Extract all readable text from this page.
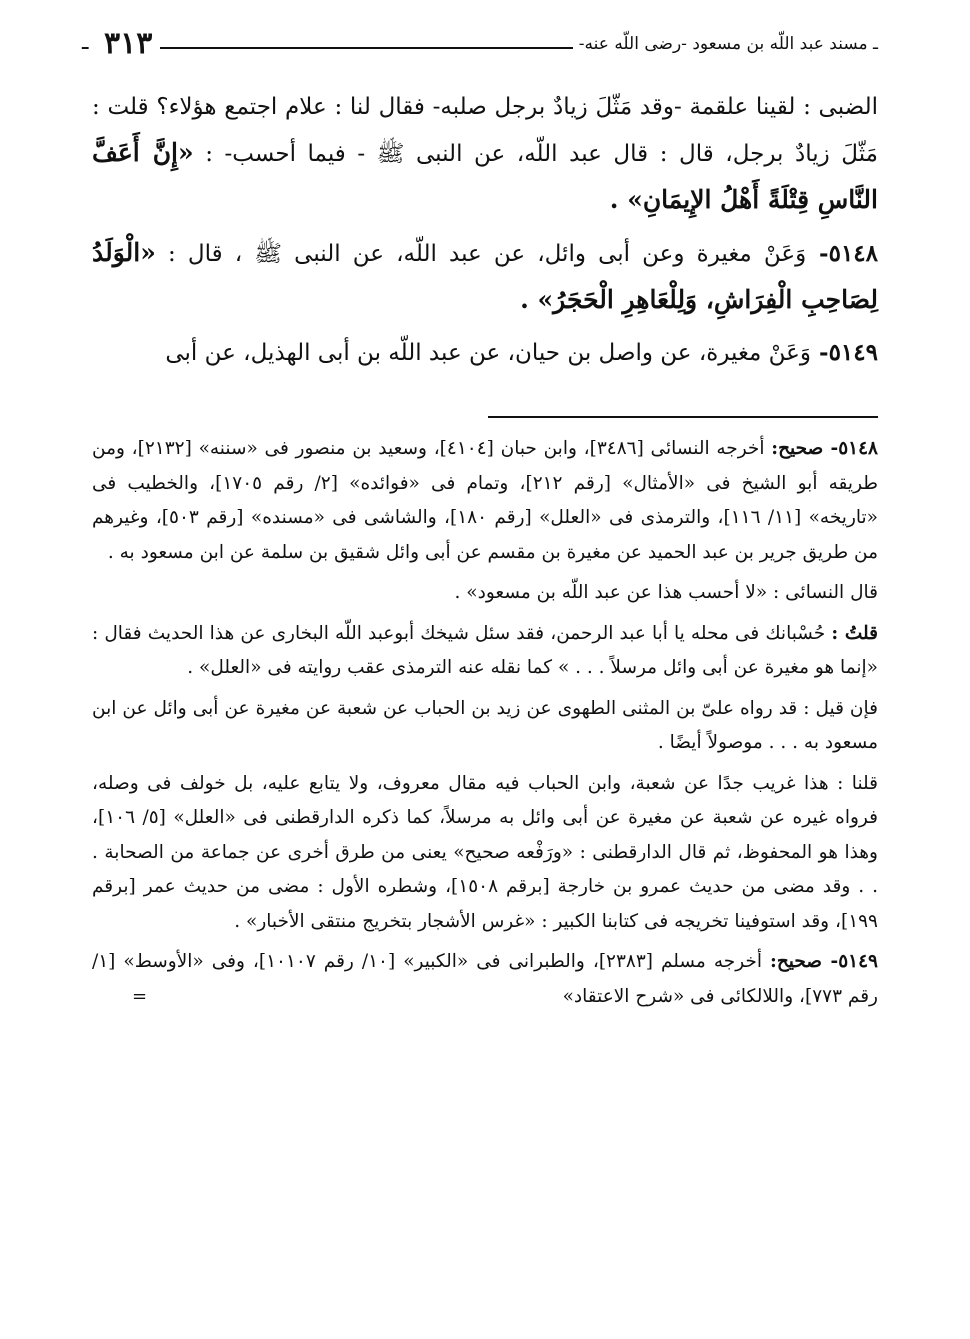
ـ مسند عبد اللّه بن مسعود -رضى اللّه عنه-
٣١٣
ـ

الضبى : لقينا علقمة -وقد مَثّلَ زيادٌ برجل صلبه- فقال لنا : علام اجتمع هؤلاء؟ قلت : مَثّلَ زيادٌ برجل، قال : قال عبد اللّه، عن النبى ﷺ - فيما أحسب- : «إِنَّ أَعَفَّ النَّاسِ قِتْلَةً أَهْلُ الإِيمَانِ» .

٥١٤٨- وَعَنْ مغيرة وعن أبى وائل، عن عبد اللّه، عن النبى ﷺ ، قال : «الْوَلَدُ لِصَاحِبِ الْفِرَاشِ، وَلِلْعَاهِرِ الْحَجَرُ» .

٥١٤٩- وَعَنْ مغيرة، عن واصل بن حيان، عن عبد اللّه بن أبى الهذيل، عن أبى

٥١٤٨- صحيح: أخرجه النسائى [٣٤٨٦]، وابن حبان [٤١٠٤]، وسعيد بن منصور فى «سننه» [٢١٣٢]، ومن طريقه أبو الشيخ فى «الأمثال» [رقم ٢١٢]، وتمام فى «فوائده» [٢/ رقم ١٧٠٥]، والخطيب فى «تاريخه» [١١/ ١١٦]، والترمذى فى «العلل» [رقم ١٨٠]، والشاشى فى «مسنده» [رقم ٥٠٣]، وغيرهم من طريق جرير بن عبد الحميد عن مغيرة بن مقسم عن أبى وائل شقيق بن سلمة عن ابن مسعود به .

قال النسائى : «لا أحسب هذا عن عبد اللّه بن مسعود» .

قلتُ : حُسْبانك فى محله يا أبا عبد الرحمن، فقد سئل شيخك أبوعبد اللّه البخارى عن هذا الحديث فقال : «إنما هو مغيرة عن أبى وائل مرسلاً . . . » كما نقله عنه الترمذى عقب روايته فى «العلل» .

فإن قيل : قد رواه علىّ بن المثنى الطهوى عن زيد بن الحباب عن شعبة عن مغيرة عن أبى وائل عن ابن مسعود به . . . موصولاً أيضًا .

قلنا : هذا غريب جدًا عن شعبة، وابن الحباب فيه مقال معروف، ولا يتابع عليه، بل خولف فى وصله، فرواه غيره عن شعبة عن مغيرة عن أبى وائل به مرسلاً، كما ذكره الدارقطنى فى «العلل» [٥/ ١٠٦]، وهذا هو المحفوظ، ثم قال الدارقطنى : «ورَفْعه صحيح» يعنى من طرق أخرى عن جماعة من الصحابة . . . وقد مضى من حديث عمرو بن خارجة [برقم ١٥٠٨]، وشطره الأول : مضى من حديث عمر [برقم ١٩٩]، وقد استوفينا تخريجه فى كتابنا الكبير : «غرس الأشجار بتخريج منتقى الأخبار» .

٥١٤٩- صحيح: أخرجه مسلم [٢٣٨٣]، والطبرانى فى «الكبير» [١٠/ رقم ١٠١٠٧]، وفى «الأوسط» [١/ رقم ٧٧٣]، واللالكائى فى «شرح الاعتقاد»
=
